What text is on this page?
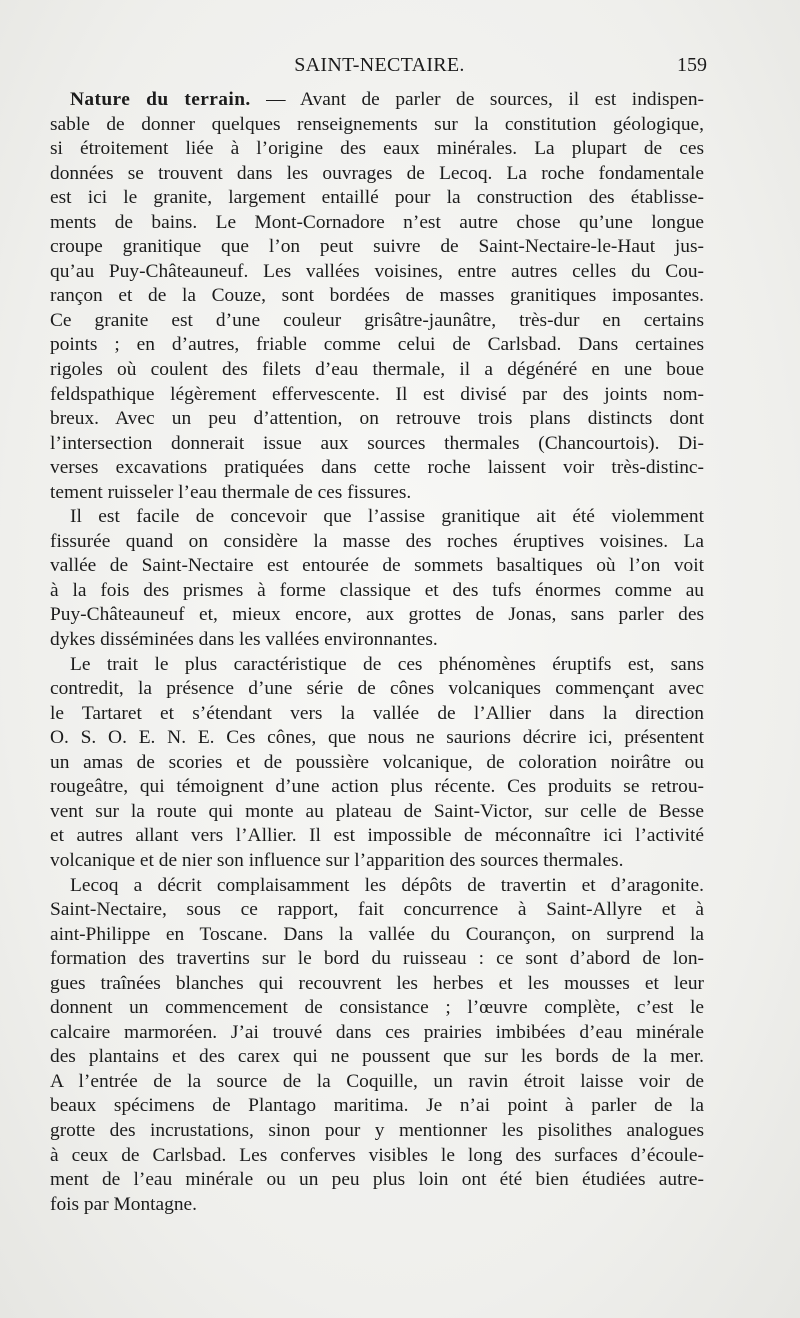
SAINT-NECTAIRE.	159

Nature du terrain. — Avant de parler de sources, il est indispen-
sable de donner quelques renseignements sur la constitution géologique,
si étroitement liée à l’origine des eaux minérales. La plupart de ces
données se trouvent dans les ouvrages de Lecoq. La roche fondamentale
est ici le granite, largement entaillé pour la construction des établisse-
ments de bains. Le Mont-Cornadore n’est autre chose qu’une longue
croupe granitique que l’on peut suivre de Saint-Nectaire-le-Haut jus-
qu’au Puy-Châteauneuf. Les vallées voisines, entre autres celles du Cou-
rançon et de la Couze, sont bordées de masses granitiques imposantes.
Ce granite est d’une couleur grisâtre-jaunâtre, très-dur en certains
points ; en d’autres, friable comme celui de Carlsbad. Dans certaines
rigoles où coulent des filets d’eau thermale, il a dégénéré en une boue
feldspathique légèrement effervescente. Il est divisé par des joints nom-
breux. Avec un peu d’attention, on retrouve trois plans distincts dont
l’intersection donnerait issue aux sources thermales (Chancourtois). Di-
verses excavations pratiquées dans cette roche laissent voir très-distinc-
tement ruisseler l’eau thermale de ces fissures.

Il est facile de concevoir que l’assise granitique ait été violemment
fissurée quand on considère la masse des roches éruptives voisines. La
vallée de Saint-Nectaire est entourée de sommets basaltiques où l’on voit
à la fois des prismes à forme classique et des tufs énormes comme au
Puy-Châteauneuf et, mieux encore, aux grottes de Jonas, sans parler des
dykes disséminées dans les vallées environnantes.

Le trait le plus caractéristique de ces phénomènes éruptifs est, sans
contredit, la présence d’une série de cônes volcaniques commençant avec
le Tartaret et s’étendant vers la vallée de l’Allier dans la direction
O. S. O. E. N. E. Ces cônes, que nous ne saurions décrire ici, présentent
un amas de scories et de poussière volcanique, de coloration noirâtre ou
rougeâtre, qui témoignent d’une action plus récente. Ces produits se retrou-
vent sur la route qui monte au plateau de Saint-Victor, sur celle de Besse
et autres allant vers l’Allier. Il est impossible de méconnaître ici l’activité
volcanique et de nier son influence sur l’apparition des sources thermales.

Lecoq a décrit complaisamment les dépôts de travertin et d’aragonite.
Saint-Nectaire, sous ce rapport, fait concurrence à Saint-Allyre et à
aint-Philippe en Toscane. Dans la vallée du Courançon, on surprend la
formation des travertins sur le bord du ruisseau : ce sont d’abord de lon-
gues traînées blanches qui recouvrent les herbes et les mousses et leur
donnent un commencement de consistance ; l’œuvre complète, c’est le
calcaire marmoréen. J’ai trouvé dans ces prairies imbibées d’eau minérale
des plantains et des carex qui ne poussent que sur les bords de la mer.
A l’entrée de la source de la Coquille, un ravin étroit laisse voir de
beaux spécimens de Plantago maritima. Je n’ai point à parler de la
grotte des incrustations, sinon pour y mentionner les pisolithes analogues
à ceux de Carlsbad. Les conferves visibles le long des surfaces d’écoule-
ment de l’eau minérale ou un peu plus loin ont été bien étudiées autre-
fois par Montagne.
